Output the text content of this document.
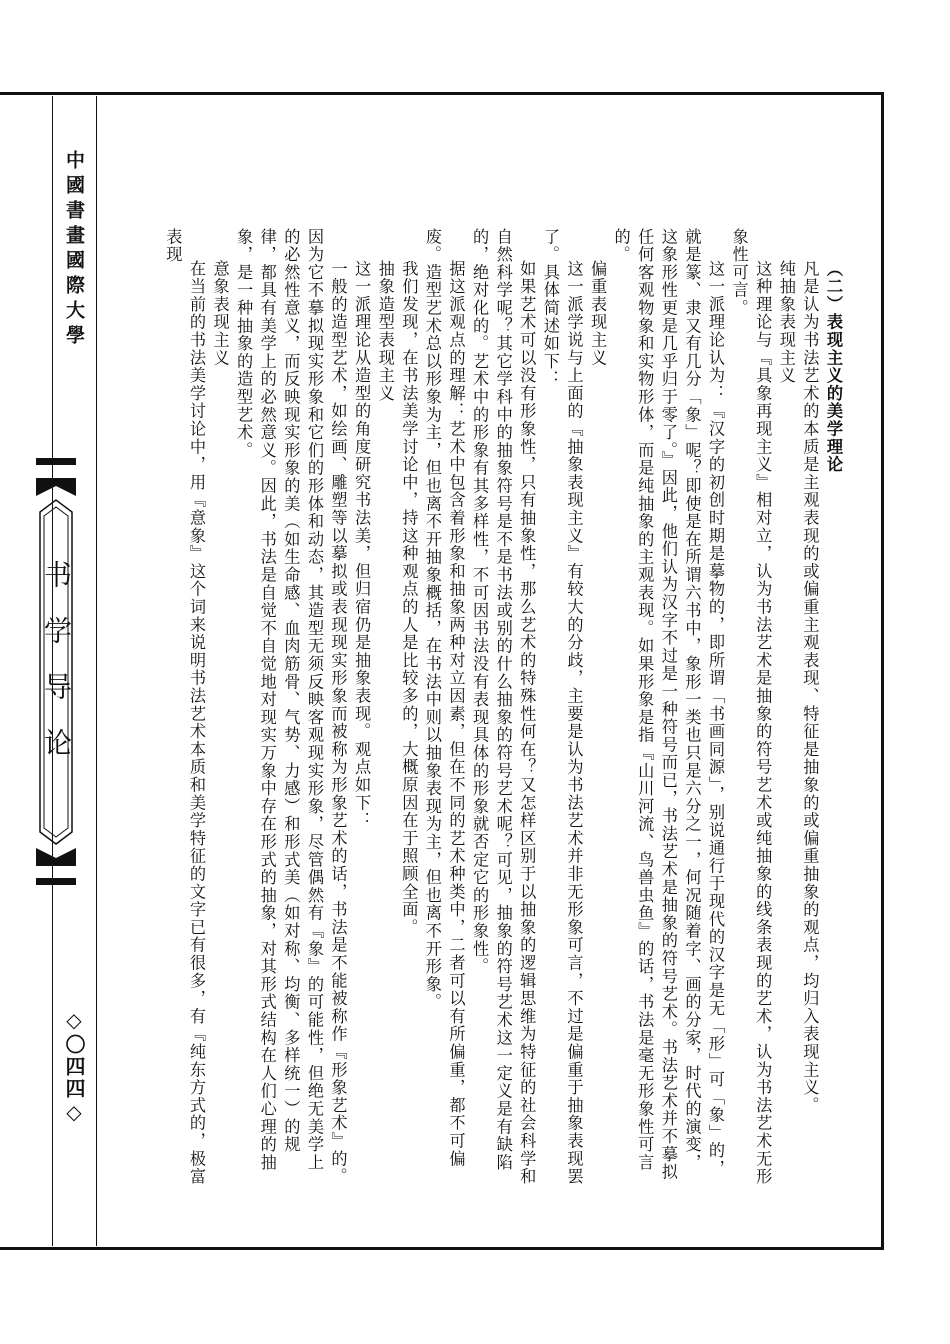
中國書畫國際大學
书学导论
◇〇四四◇

（二）表现主义的美学理论

凡是认为书法艺术的本质是主观表现的或偏重主观表现、特征是抽象的或偏重抽象的观点，均归入表现主义。

纯抽象表现主义

这种理论与『具象再现主义』相对立，认为书法艺术是抽象的符号艺术或纯抽象的线条表现的艺术，认为书法艺术无形象性可言。

这一派理论认为：『汉字的初创时期是摹物的，即所谓「书画同源」，别说通行于现代的汉字是无「形」可「象」的，就是篆、隶又有几分「象」呢？即使是在所谓六书中，象形一类也只是六分之一，何况随着字、画的分家，时代的演变，这象形性更是几乎归于零了。』因此，他们认为汉字不过是一种符号而已，书法艺术是抽象的符号艺术。书法艺术并不摹拟任何客观物象和实物形体，而是纯抽象的主观表现。如果形象是指『山川河流、鸟兽虫鱼』的话，书法是毫无形象性可言的。

偏重表现主义

这一派学说与上面的『抽象表现主义』有较大的分歧，主要是认为书法艺术并非无形象可言，不过是偏重于抽象表现罢了。具体简述如下：

如果艺术可以没有形象性，只有抽象性，那么艺术的特殊性何在？又怎样区别于以抽象的逻辑思维为特征的社会科学和自然科学呢？其它学科中的抽象符号是不是书法或别的什么抽象的符号艺术呢？可见，抽象的符号艺术这一定义是有缺陷的，绝对化的。艺术中的形象有其多样性，不可因书法没有表现具体的形象就否定它的形象性。

据这派观点的理解：艺术中包含着形象和抽象两种对立因素，但在不同的艺术种类中，二者可以有所偏重，都不可偏废。造型艺术总以形象为主，但也离不开抽象概括，在书法中则以抽象表现为主，但也离不开形象。

我们发现，在书法美学讨论中，持这种观点的人是比较多的，大概原因在于照顾全面。

抽象造型表现主义

这一派理论从造型的角度研究书法美，但归宿仍是抽象表现。观点如下：

一般的造型艺术，如绘画、雕塑等以摹拟或表现现实形象而被称为形象艺术的话，书法是不能被称作『形象艺术』的。因为它不摹拟现实形象和它们的形体和动态，其造型无须反映客观现实形象，尽管偶然有『象』的可能性，但绝无美学上的必然性意义，而反映现实形象的美（如生命感、血肉筋骨、气势、力感）和形式美（如对称、均衡、多样统一）的规律，都具有美学上的必然意义。因此，书法是自觉不自觉地对现实万象中存在形式的抽象，对其形式结构在人们心理的抽象，是一种抽象的造型艺术。

意象表现主义

在当前的书法美学讨论中，用『意象』这个词来说明书法艺术本质和美学特征的文字已有很多，有『纯东方式的，极富表现
